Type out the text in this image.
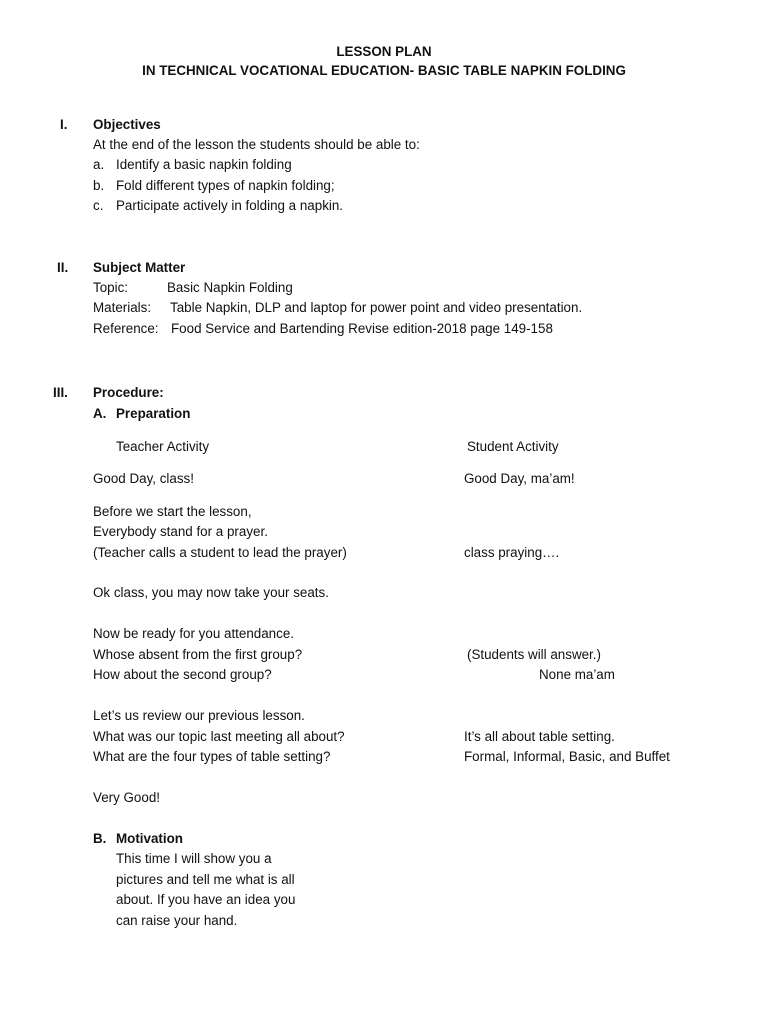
LESSON PLAN
IN TECHNICAL VOCATIONAL EDUCATION- BASIC TABLE NAPKIN FOLDING
I. Objectives
At the end of the lesson the students should be able to:
a. Identify a basic napkin folding
b. Fold different types of napkin folding;
c. Participate actively in folding a napkin.
II. Subject Matter
Topic:	Basic Napkin Folding
Materials: Table Napkin, DLP and laptop for power point and video presentation.
Reference: Food Service and Bartending Revise edition-2018 page 149-158
III. Procedure:
A. Preparation
Teacher Activity	Student Activity
Good Day, class!
Before we start the lesson,
Everybody stand for a prayer.
(Teacher calls a student to lead the prayer)
Ok class, you may now take your seats.
Now be ready for you attendance.
Whose absent from the first group?
How about the second group?
Let’s us review our previous lesson.
What was our topic last meeting all about?
What are the four types of table setting?
Very Good!
Good Day, ma’am!
class praying….
(Students will answer.)
None ma’am
It’s all about table setting.
Formal, Informal, Basic, and Buffet
B. Motivation
This time I will show you a
pictures and tell me what is all
about. If you have an idea you
can raise your hand.
